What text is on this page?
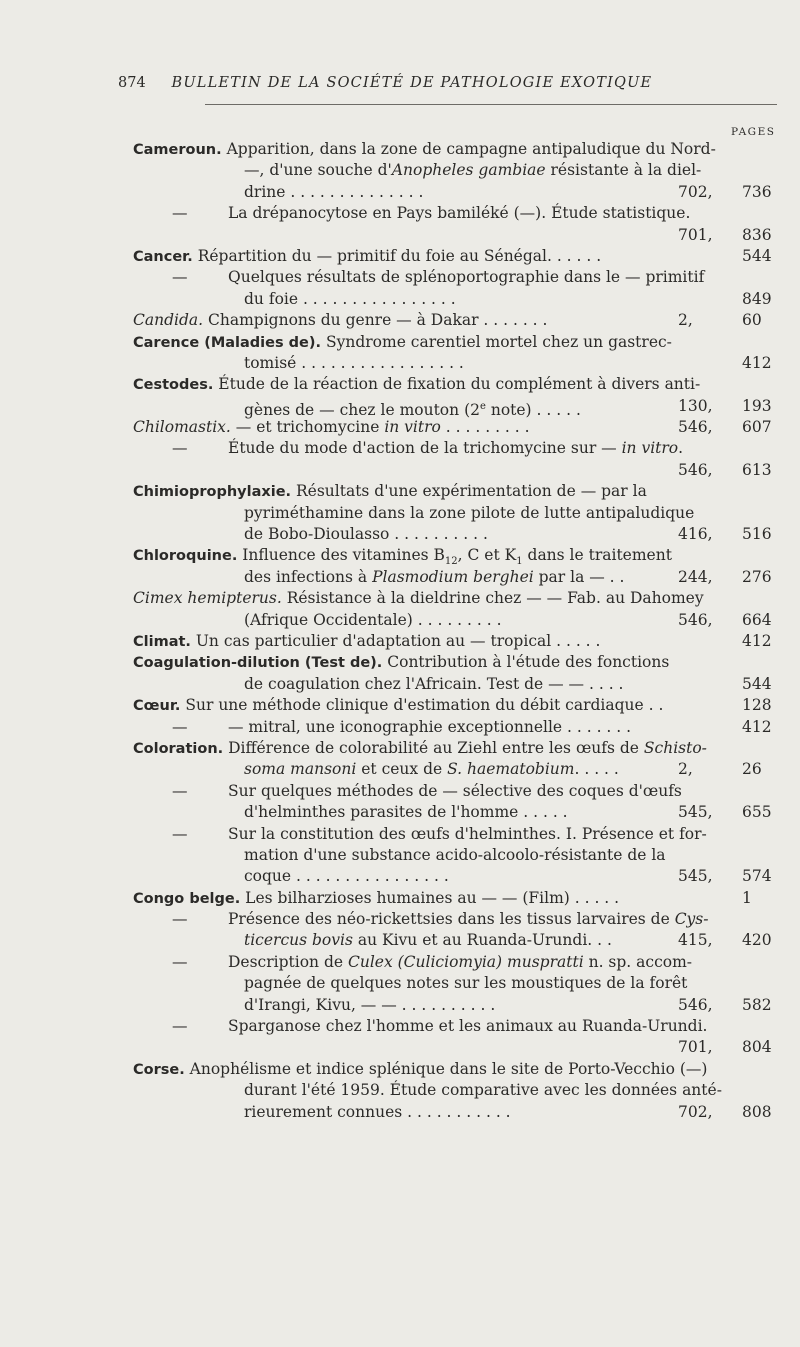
874 BULLETIN DE LA SOCIÉTÉ DE PATHOLOGIE EXOTIQUE
PAGES
Cameroun. Apparition, dans la zone de campagne antipaludique du Nord-
—, d'une souche d'Anopheles gambiae résistante à la diel-
drine . . . . . . . . . . . . . .	702, 736
—	La drépanocytose en Pays bamiléké (—). Étude statistique.
701, 836
Cancer. Répartition du — primitif du foie au Sénégal. . . . . .	544
—	Quelques résultats de splénoportographie dans le — primitif
du foie . . . . . . . . . . . . . . . .	849
Candida. Champignons du genre — à Dakar . . . . . . .	2,	60
Carence (Maladies de). Syndrome carentiel mortel chez un gastrec-
tomisé . . . . . . . . . . . . . . . . .	412
Cestodes. Étude de la réaction de fixation du complément à divers anti-
gènes de — chez le mouton (2e note) . . . . .	130, 193
Chilomastix. — et trichomycine in vitro . . . . . . . . .	546, 607
—	Étude du mode d'action de la trichomycine sur — in vitro.
546, 613
Chimioprophylaxie. Résultats d'une expérimentation de — par la
pyriméthamine dans la zone pilote de lutte antipaludique
de Bobo-Dioulasso . . . . . . . . . .	416, 516
Chloroquine. Influence des vitamines $B_{12}$, C et $K_1$ dans le traitement
des infections à Plasmodium berghei par la — . .	244, 276
Cimex hemipterus. Résistance à la dieldrine chez — — Fab. au Dahomey
(Afrique Occidentale) . . . . . . . . .	546, 664
Climat. Un cas particulier d'adaptation au — tropical . . . . .	412
Coagulation-dilution (Test de). Contribution à l'étude des fonctions
de coagulation chez l'Africain. Test de — — . . . .	544
Cœur. Sur une méthode clinique d'estimation du débit cardiaque . .	128
—	— mitral, une iconographie exceptionnelle . . . . . . .	412
Coloration. Différence de colorabilité au Ziehl entre les œufs de Schisto-
soma mansoni et ceux de S. haematobium. . . . .	2,	26
—	Sur quelques méthodes de — sélective des coques d'œufs
d'helminthes parasites de l'homme . . . . .	545, 655
—	Sur la constitution des œufs d'helminthes. I. Présence et for-
mation d'une substance acido-alcoolo-résistante de la
coque . . . . . . . . . . . . . . . .	545, 574
Congo belge. Les bilharzioses humaines au — — (Film) . . . . .	1
—	Présence des néo-rickettsies dans les tissus larvaires de Cys-
ticercus bovis au Kivu et au Ruanda-Urundi. . .	415, 420
—	Description de Culex (Culiciomyia) muspratti n. sp. accom-
pagnée de quelques notes sur les moustiques de la forêt
d'Irangi, Kivu, — — . . . . . . . . . .	546, 582
—	Sparganose chez l'homme et les animaux au Ruanda-Urundi.
701, 804
Corse. Anophélisme et indice splénique dans le site de Porto-Vecchio (—)
durant l'été 1959. Étude comparative avec les données anté-
rieurement connues . . . . . . . . . . .	702, 808
